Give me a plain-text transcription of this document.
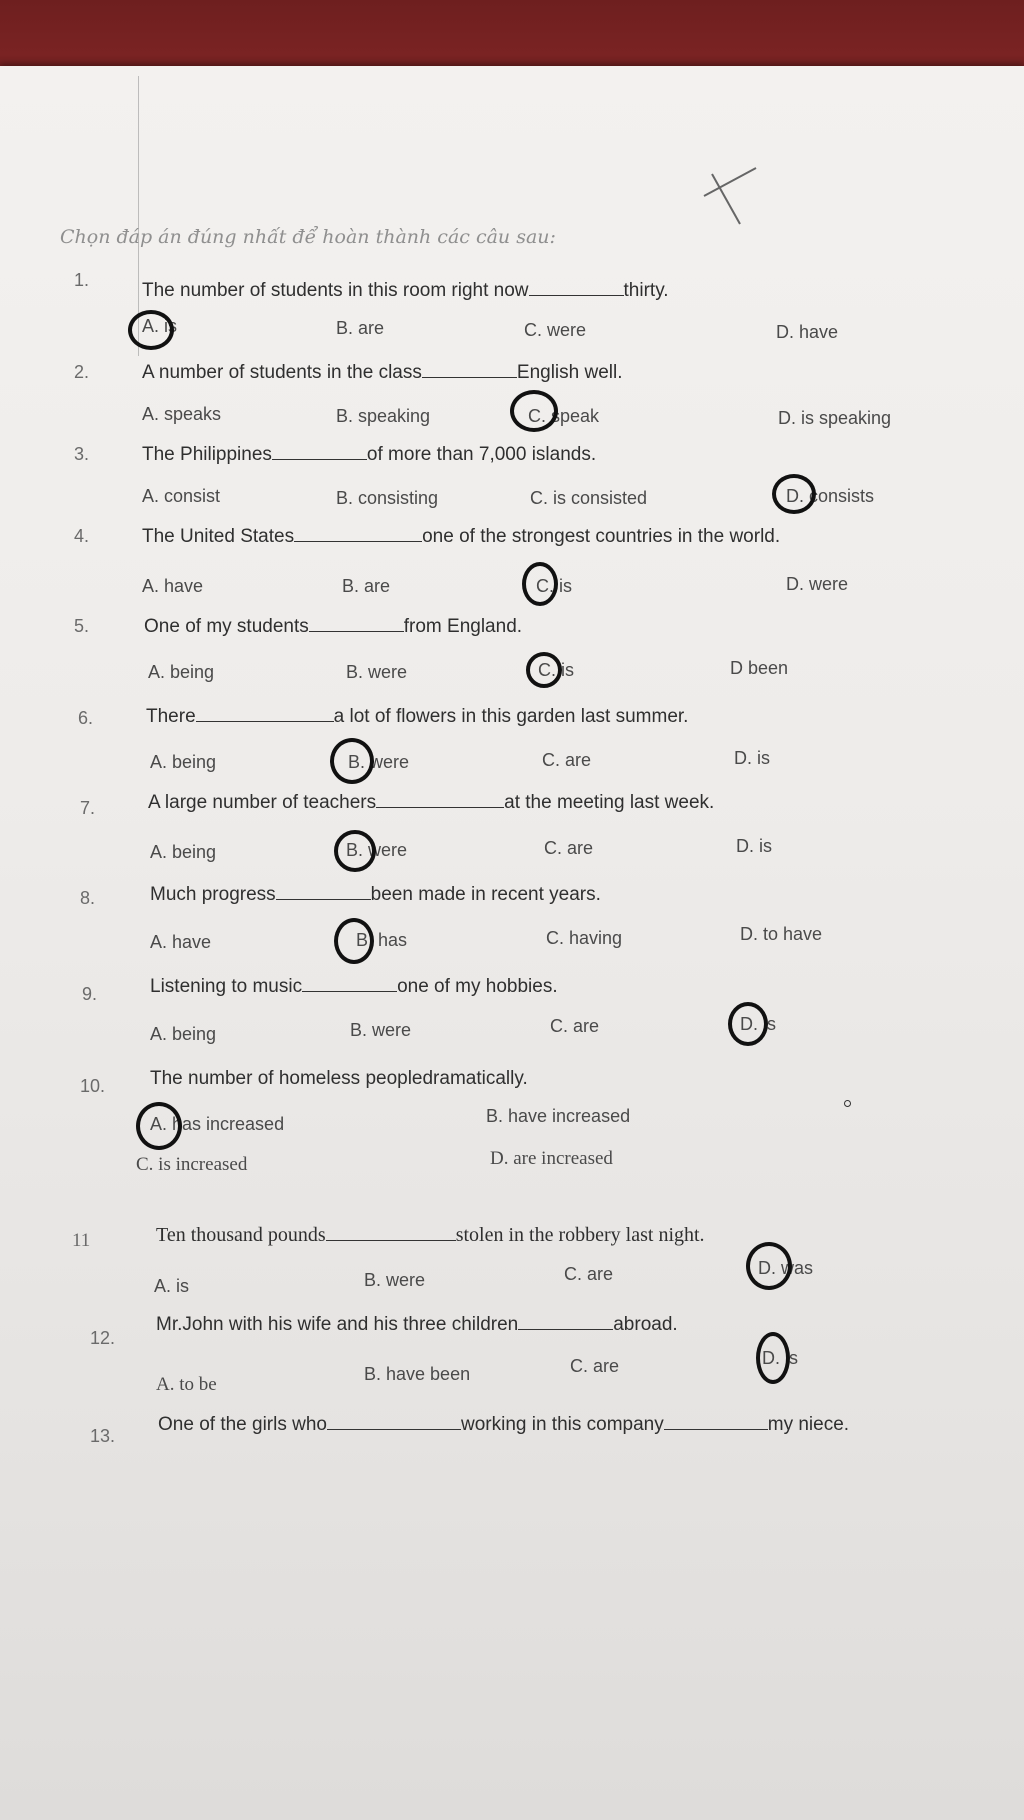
Chọn đáp án đúng nhất để hoàn thành các câu sau:
1.	The number of students in this room right now	thirty.
A. is	B. are	C. were	D. have
2.	A number of students in the class	English well.
A. speaks	B. speaking	C. speak	D. is speaking
3.	The Philippines	of more than 7,000 islands.
A. consist	B. consisting	C. is consisted	D. consists
4.	The United States	one of the strongest countries in the world.
A. have	B. are	C. is	D. were
5.	One of my students	from England.
A. being	B. were	C. is	D been
6.	There	a lot of flowers in this garden last summer.
A. being	B. were	C. are	D. is
7.	A large number of teachers	at the meeting last week.
A. being	B. were	C. are	D. is
8.	Much progress	been made in recent years.
A. have	B. has	C. having	D. to have
9.	Listening to music	one of my hobbies.
A. being	B. were	C. are	D. is
10. The number of homeless peopledramatically.
A. has increased	B. have increased
C. is increased	D. are increased
11	Ten thousand pounds	stolen in the robbery last night.
A. is	B. were	C. are	D. was
12.
Mr.John with his wife and his three children	abroad.
A. to be	B. have been	C. are	D. is
13.
One of the girls who	working in this company	my niece.
